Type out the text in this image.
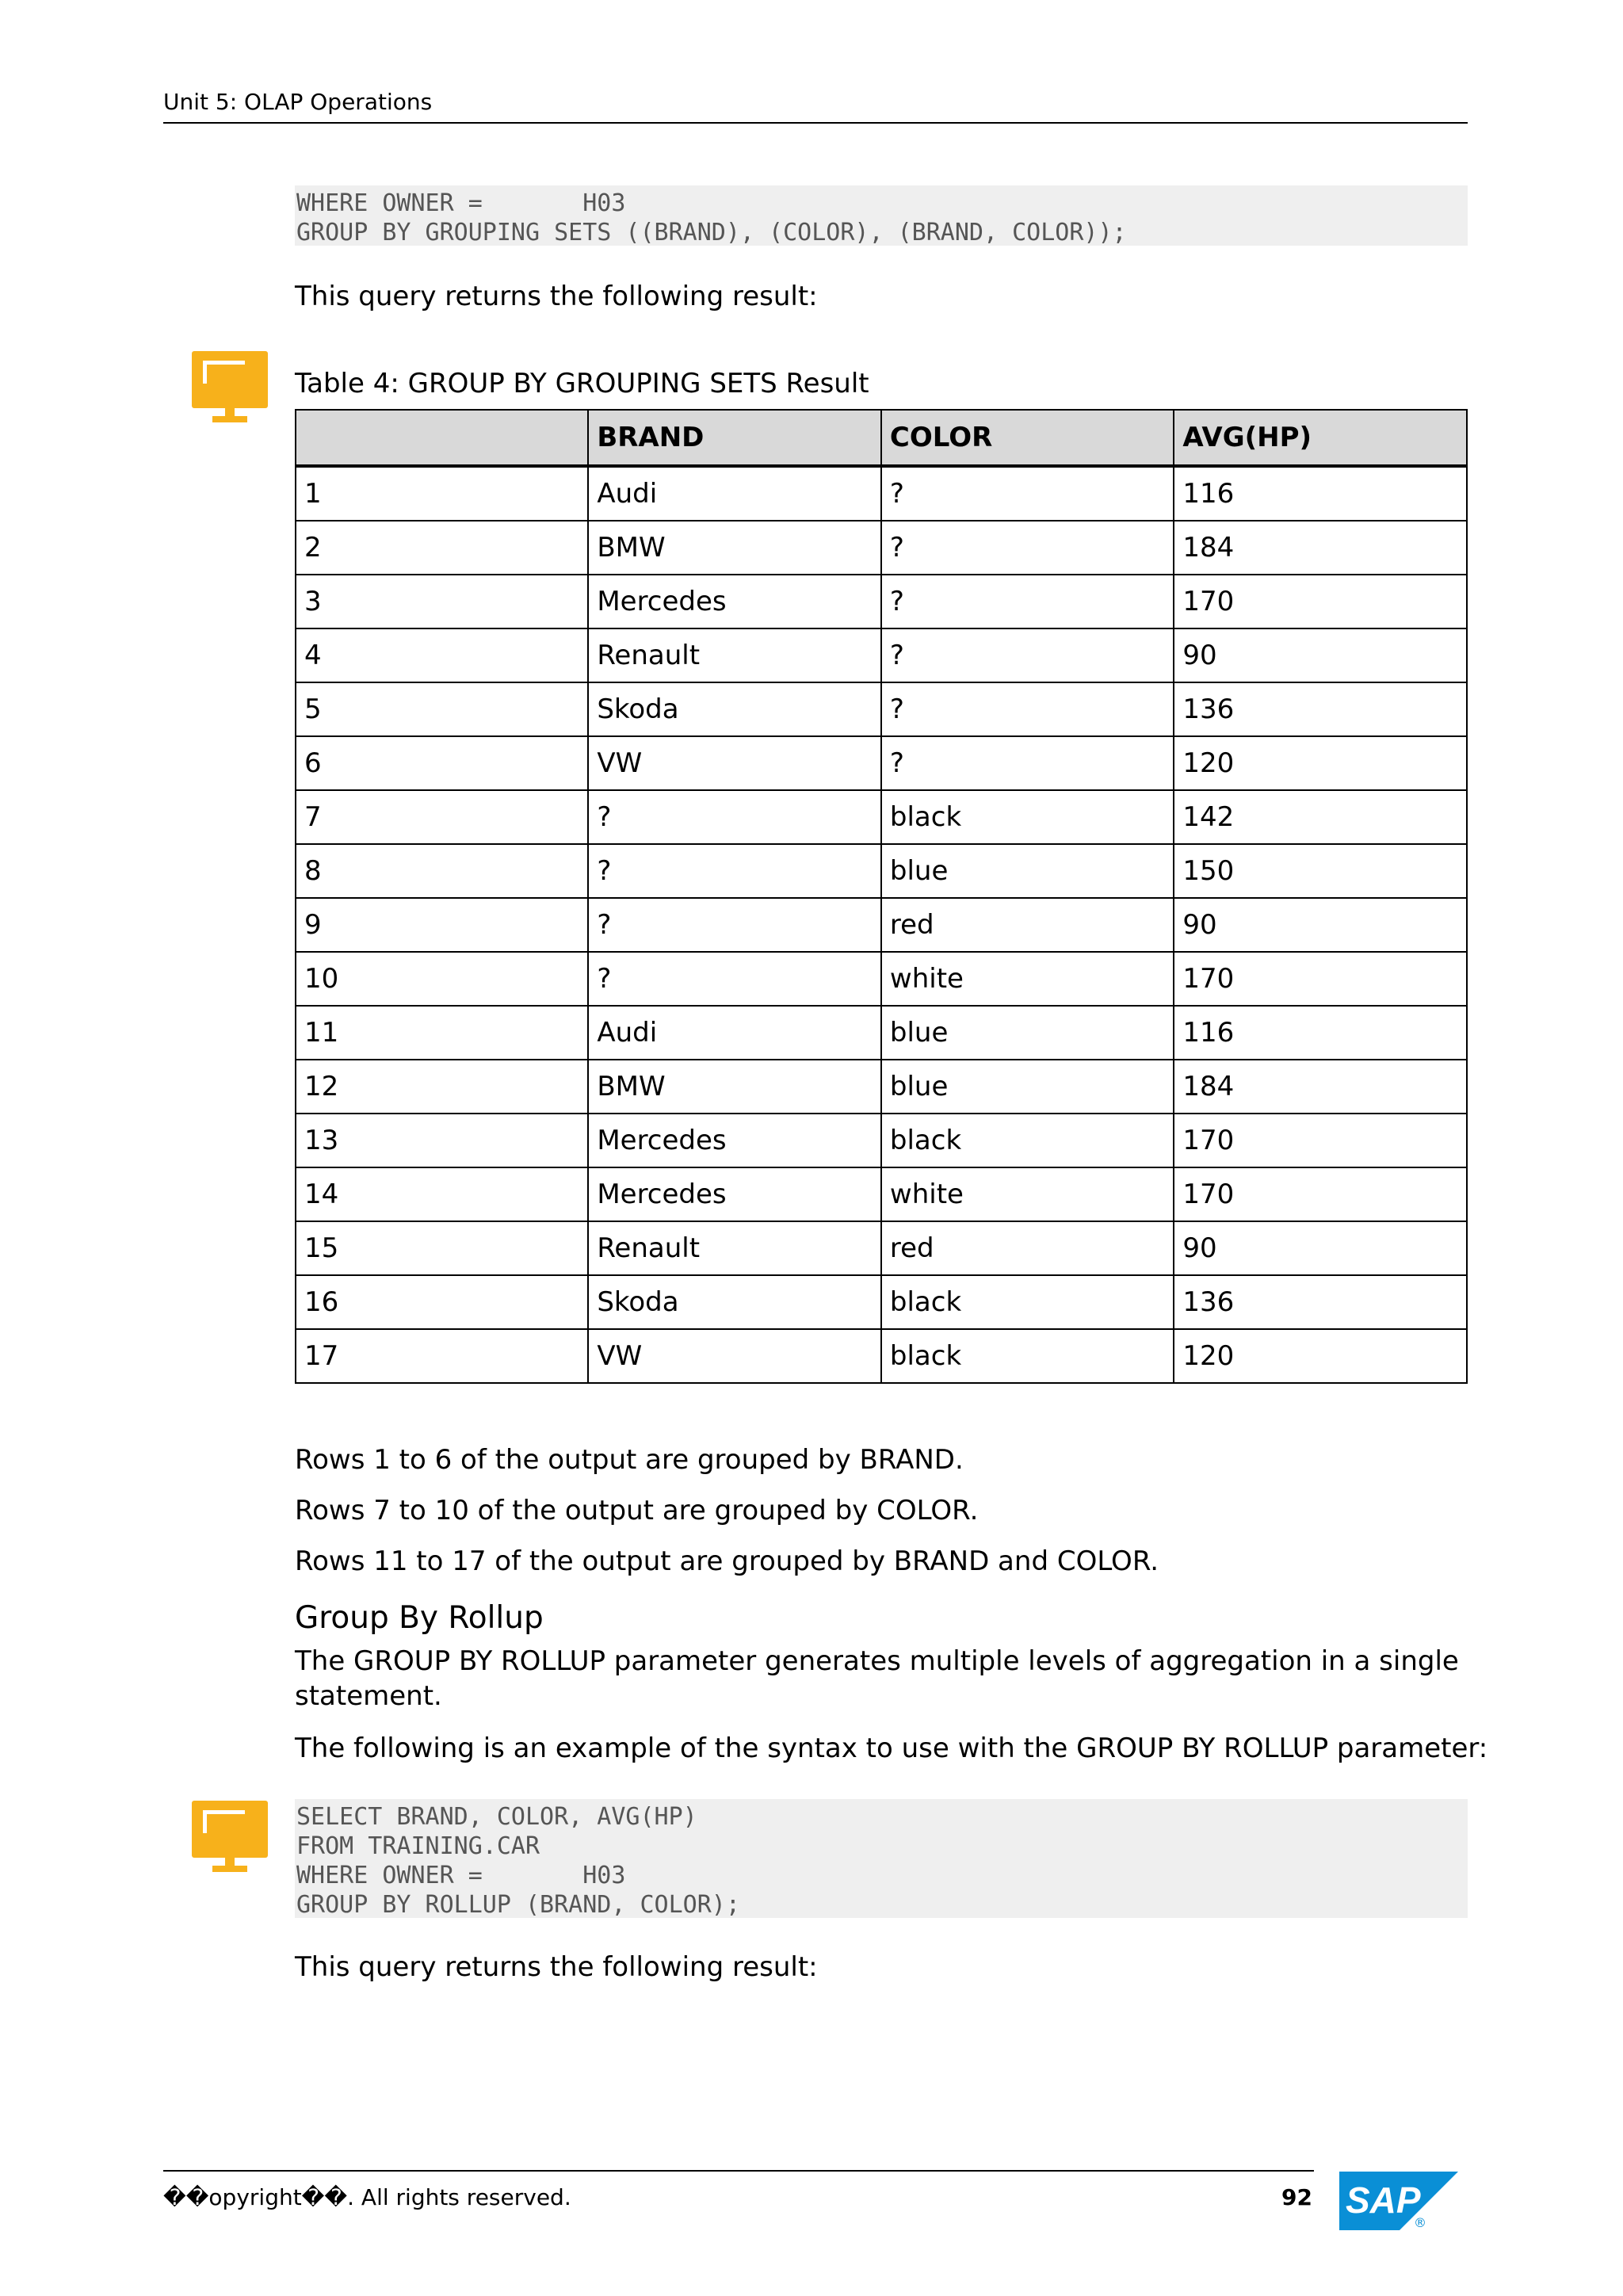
Unit 5: OLAP Operations
WHERE OWNER =       H03
GROUP BY GROUPING SETS ((BRAND), (COLOR), (BRAND, COLOR));
This query returns the following result:
Table 4: GROUP BY GROUPING SETS Result
	BRAND	COLOR	AVG(HP)
1	Audi	?	116
2	BMW	?	184
3	Mercedes	?	170
4	Renault	?	90
5	Skoda	?	136
6	VW	?	120
7	?	black	142
8	?	blue	150
9	?	red	90
10	?	white	170
11	Audi	blue	116
12	BMW	blue	184
13	Mercedes	black	170
14	Mercedes	white	170
15	Renault	red	90
16	Skoda	black	136
17	VW	black	120
Rows 1 to 6 of the output are grouped by BRAND.
Rows 7 to 10 of the output are grouped by COLOR.
Rows 11 to 17 of the output are grouped by BRAND and COLOR.
Group By Rollup
The GROUP BY ROLLUP parameter generates multiple levels of aggregation in a single statement.
The following is an example of the syntax to use with the GROUP BY ROLLUP parameter:
SELECT BRAND, COLOR, AVG(HP)
FROM TRAINING.CAR
WHERE OWNER =       H03
GROUP BY ROLLUP (BRAND, COLOR);
This query returns the following result:
��opyright��. All rights reserved.	92 SAP
®
